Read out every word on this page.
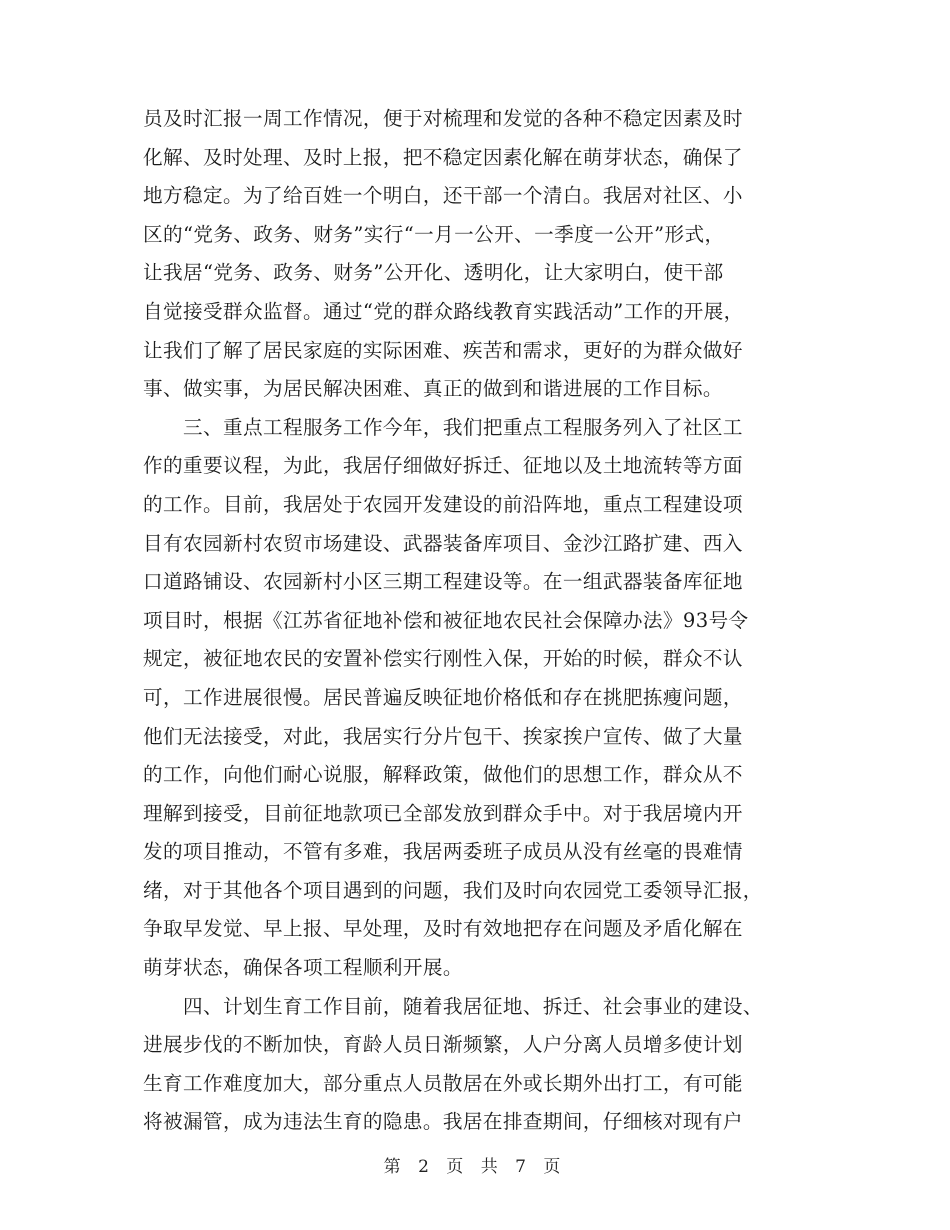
员及时汇报一周工作情况，便于对梳理和发觉的各种不稳定因素及时
化解、及时处理、及时上报，把不稳定因素化解在萌芽状态，确保了
地方稳定。为了给百姓一个明白，还干部一个清白。我居对社区、小
区的“党务、政务、财务”实行“一月一公开、一季度一公开”形式，
让我居“党务、政务、财务”公开化、透明化，让大家明白，使干部
自觉接受群众监督。通过“党的群众路线教育实践活动”工作的开展，
让我们了解了居民家庭的实际困难、疾苦和需求，更好的为群众做好
事、做实事，为居民解决困难、真正的做到和谐进展的工作目标。
三、重点工程服务工作今年，我们把重点工程服务列入了社区工
作的重要议程，为此，我居仔细做好拆迁、征地以及土地流转等方面
的工作。目前，我居处于农园开发建设的前沿阵地，重点工程建设项
目有农园新村农贸市场建设、武器装备库项目、金沙江路扩建、西入
口道路铺设、农园新村小区三期工程建设等。在一组武器装备库征地
项目时，根据《江苏省征地补偿和被征地农民社会保障办法》93号令
规定，被征地农民的安置补偿实行刚性入保，开始的时候，群众不认
可，工作进展很慢。居民普遍反映征地价格低和存在挑肥拣瘦问题，
他们无法接受，对此，我居实行分片包干、挨家挨户宣传、做了大量
的工作，向他们耐心说服，解释政策，做他们的思想工作，群众从不
理解到接受，目前征地款项已全部发放到群众手中。对于我居境内开
发的项目推动，不管有多难，我居两委班子成员从没有丝毫的畏难情
绪，对于其他各个项目遇到的问题，我们及时向农园党工委领导汇报，
争取早发觉、早上报、早处理，及时有效地把存在问题及矛盾化解在
萌芽状态，确保各项工程顺利开展。
四、计划生育工作目前，随着我居征地、拆迁、社会事业的建设、
进展步伐的不断加快，育龄人员日渐频繁，人户分离人员增多使计划
生育工作难度加大，部分重点人员散居在外或长期外出打工，有可能
将被漏管，成为违法生育的隐患。我居在排查期间，仔细核对现有户
第 2 页 共 7 页
